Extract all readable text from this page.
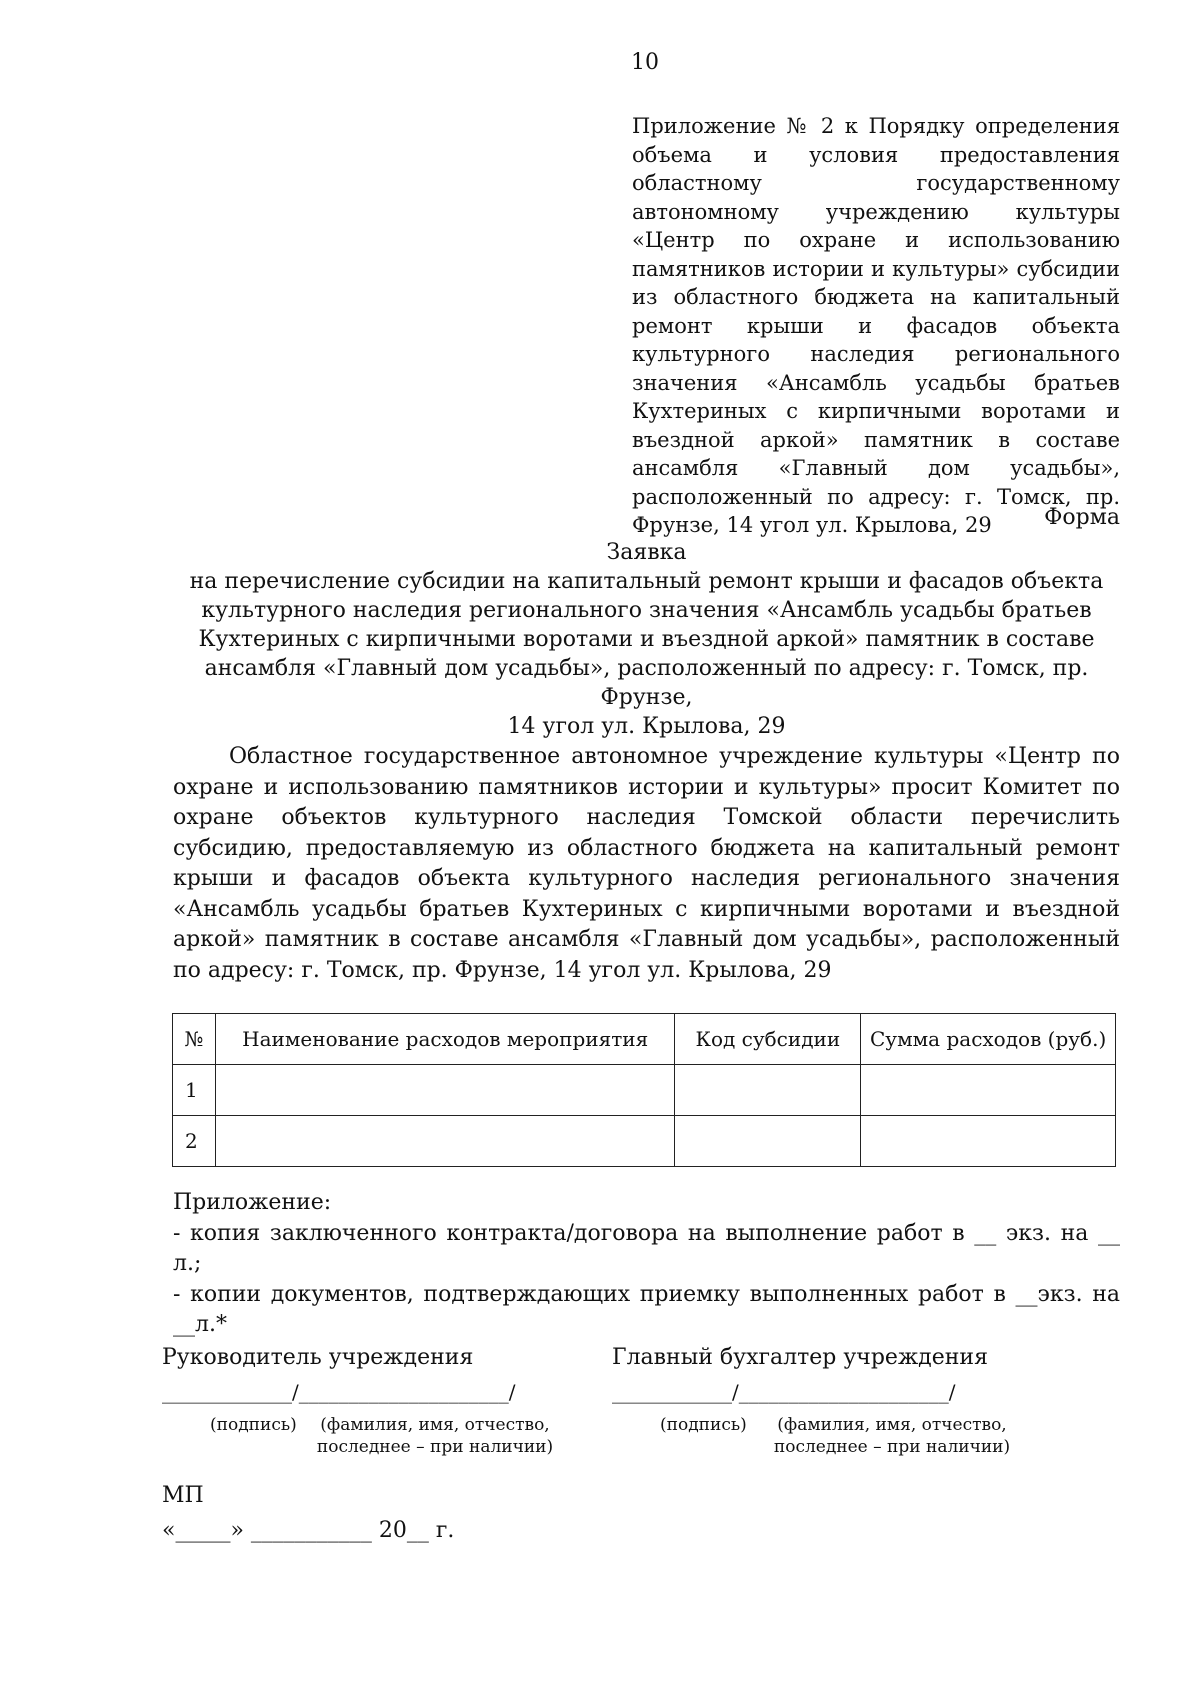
10
Приложение № 2 к Порядку определения объема и условия предоставления областному государственному автономному учреждению культуры «Центр по охране и использованию памятников истории и культуры» субсидии из областного бюджета на капитальный ремонт крыши и фасадов объекта культурного наследия регионального значения «Ансамбль усадьбы братьев Кухтериных с кирпичными воротами и въездной аркой» памятник в составе ансамбля «Главный дом усадьбы», расположенный по адресу: г. Томск, пр. Фрунзе, 14 угол ул. Крылова, 29	Форма
Заявка
на перечисление субсидии на капитальный ремонт крыши и фасадов объекта
культурного наследия регионального значения «Ансамбль усадьбы братьев
Кухтериных с кирпичными воротами и въездной аркой» памятник в составе
ансамбля «Главный дом усадьбы», расположенный по адресу: г. Томск, пр. Фрунзе,
14 угол ул. Крылова, 29
Областное государственное автономное учреждение культуры «Центр по охране и использованию памятников истории и культуры» просит Комитет по охране объектов культурного наследия Томской области перечислить субсидию, предоставляемую из областного бюджета на капитальный ремонт крыши и фасадов объекта культурного наследия регионального значения «Ансамбль усадьбы братьев Кухтериных с кирпичными воротами и въездной аркой» памятник в составе ансамбля «Главный дом усадьбы», расположенный по адресу: г. Томск, пр. Фрунзе, 14 угол ул. Крылова, 29
№	Наименование расходов мероприятия	Код субсидии	Сумма расходов (руб.)
1			
2			

Приложение:

- копия заключенного контракта/договора на выполнение работ в __ экз. на __ л.;

- копии документов, подтверждающих приемку выполненных работ в __экз. на __л.*

Руководитель учреждения	Главный бухгалтер учреждения
_____________/_____________________/	____________/_____________________/
(подпись)	(фамилия, имя, отчество,
последнее – при наличии)
(подпись)	(фамилия, имя, отчество,
последнее – при наличии)
МП
«_____» ___________ 20__ г.
